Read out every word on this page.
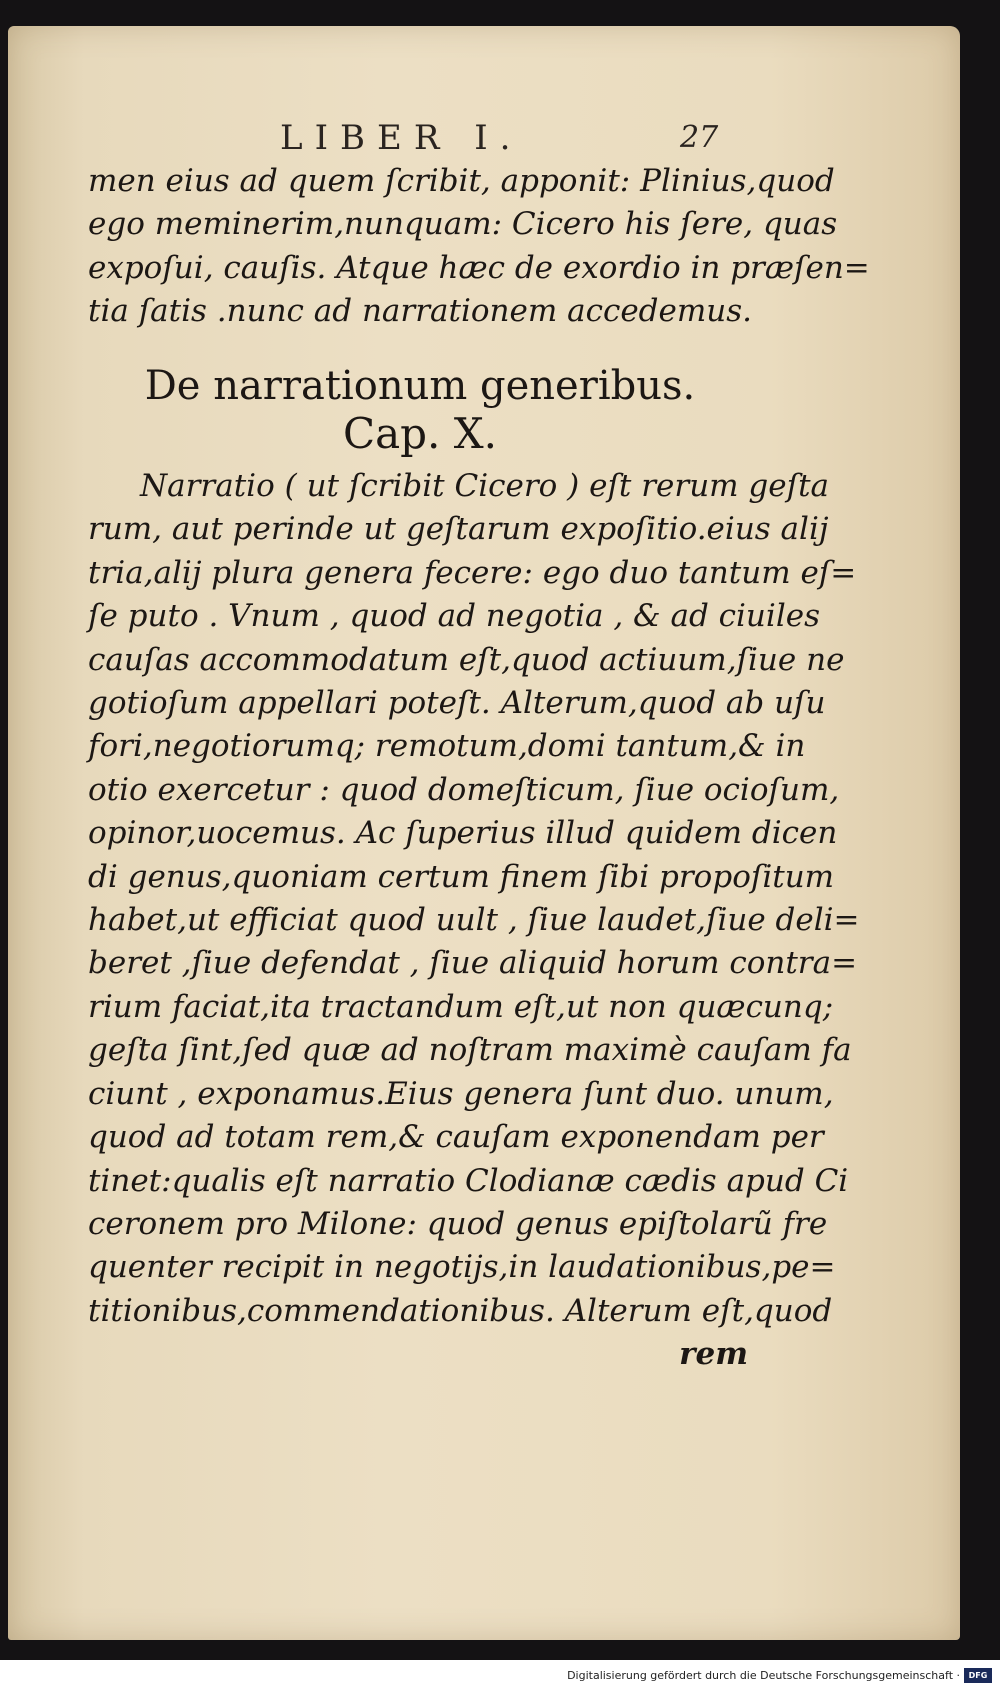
LIBER I.	27
men eius ad quem ſcribit, apponit: Plinius,quod
ego meminerim,nunquam: Cicero his ſere, quas
expoſui, cauſis. Atque hæc de exordio in præſen=
tia ſatis .nunc ad narrationem accedemus.
De narrationum generibus.
Cap. X.
Narratio ( ut ſcribit Cicero ) eſt rerum geſta
rum, aut perinde ut geſtarum expoſitio.eius alij
tria,alij plura genera fecere: ego duo tantum eſ=
ſe puto . Vnum , quod ad negotia , & ad ciuiles
cauſas accommodatum eſt,quod actiuum,ſiue ne
gotioſum appellari poteſt. Alterum,quod ab uſu
fori,negotiorumq; remotum,domi tantum,& in
otio exercetur : quod domeſticum, ſiue ocioſum,
opinor,uocemus. Ac ſuperius illud quidem dicen
di genus,quoniam certum finem ſibi propoſitum
habet,ut efficiat quod uult , ſiue laudet,ſiue deli=
beret ,ſiue defendat , ſiue aliquid horum contra=
rium faciat,ita tractandum eſt,ut non quæcunq;
geſta ſint,ſed quæ ad noſtram maximè cauſam fa
ciunt , exponamus.Eius genera ſunt duo. unum,
quod ad totam rem,& cauſam exponendam per
tinet:qualis eſt narratio Clodianæ cædis apud Ci
ceronem pro Milone: quod genus epiſtolarũ fre
quenter recipit in negotijs,in laudationibus,pe=
titionibus,commendationibus. Alterum eſt,quod
rem
Digitalisierung gefördert durch die Deutsche Forschungsgemeinschaft ·	DFG
